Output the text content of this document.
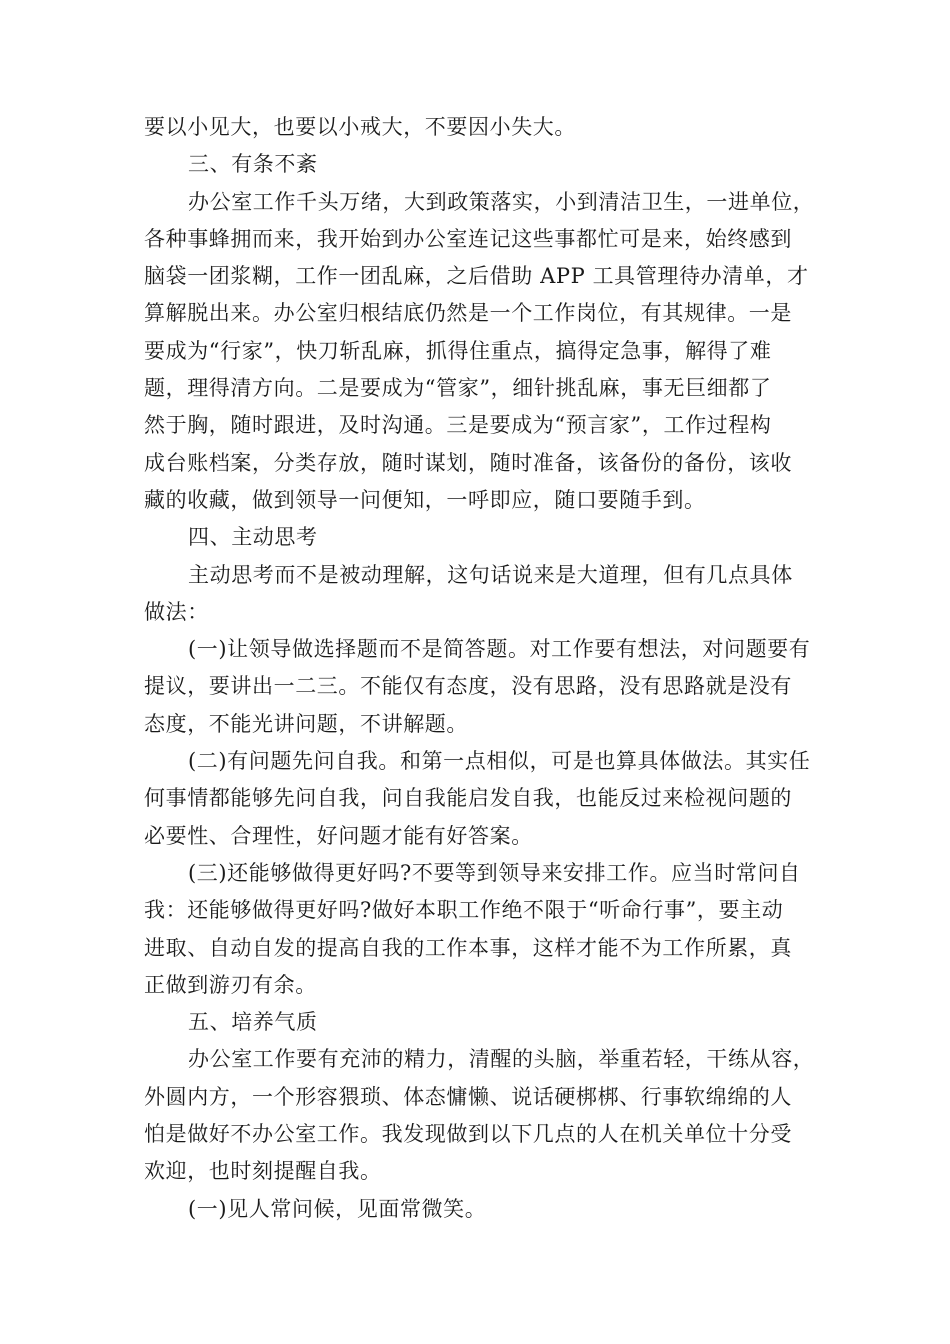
要以小见大，也要以小戒大，不要因小失大。
三、有条不紊
办公室工作千头万绪，大到政策落实，小到清洁卫生，一进单位，
各种事蜂拥而来，我开始到办公室连记这些事都忙可是来，始终感到
脑袋一团浆糊，工作一团乱麻，之后借助 APP 工具管理待办清单，才
算解脱出来。办公室归根结底仍然是一个工作岗位，有其规律。一是
要成为“行家”，快刀斩乱麻，抓得住重点，搞得定急事，解得了难
题，理得清方向。二是要成为“管家”，细针挑乱麻，事无巨细都了
然于胸，随时跟进，及时沟通。三是要成为“预言家”，工作过程构
成台账档案，分类存放，随时谋划，随时准备，该备份的备份，该收
藏的收藏，做到领导一问便知，一呼即应，随口要随手到。
四、主动思考
主动思考而不是被动理解，这句话说来是大道理，但有几点具体
做法：
(一)让领导做选择题而不是简答题。对工作要有想法，对问题要有
提议，要讲出一二三。不能仅有态度，没有思路，没有思路就是没有
态度，不能光讲问题，不讲解题。
(二)有问题先问自我。和第一点相似，可是也算具体做法。其实任
何事情都能够先问自我，问自我能启发自我，也能反过来检视问题的
必要性、合理性，好问题才能有好答案。
(三)还能够做得更好吗?不要等到领导来安排工作。应当时常问自
我：还能够做得更好吗?做好本职工作绝不限于“听命行事”，要主动
进取、自动自发的提高自我的工作本事，这样才能不为工作所累，真
正做到游刃有余。
五、培养气质
办公室工作要有充沛的精力，清醒的头脑，举重若轻，干练从容，
外圆内方，一个形容猥琐、体态慵懒、说话硬梆梆、行事软绵绵的人
怕是做好不办公室工作。我发现做到以下几点的人在机关单位十分受
欢迎，也时刻提醒自我。
(一)见人常问候，见面常微笑。
